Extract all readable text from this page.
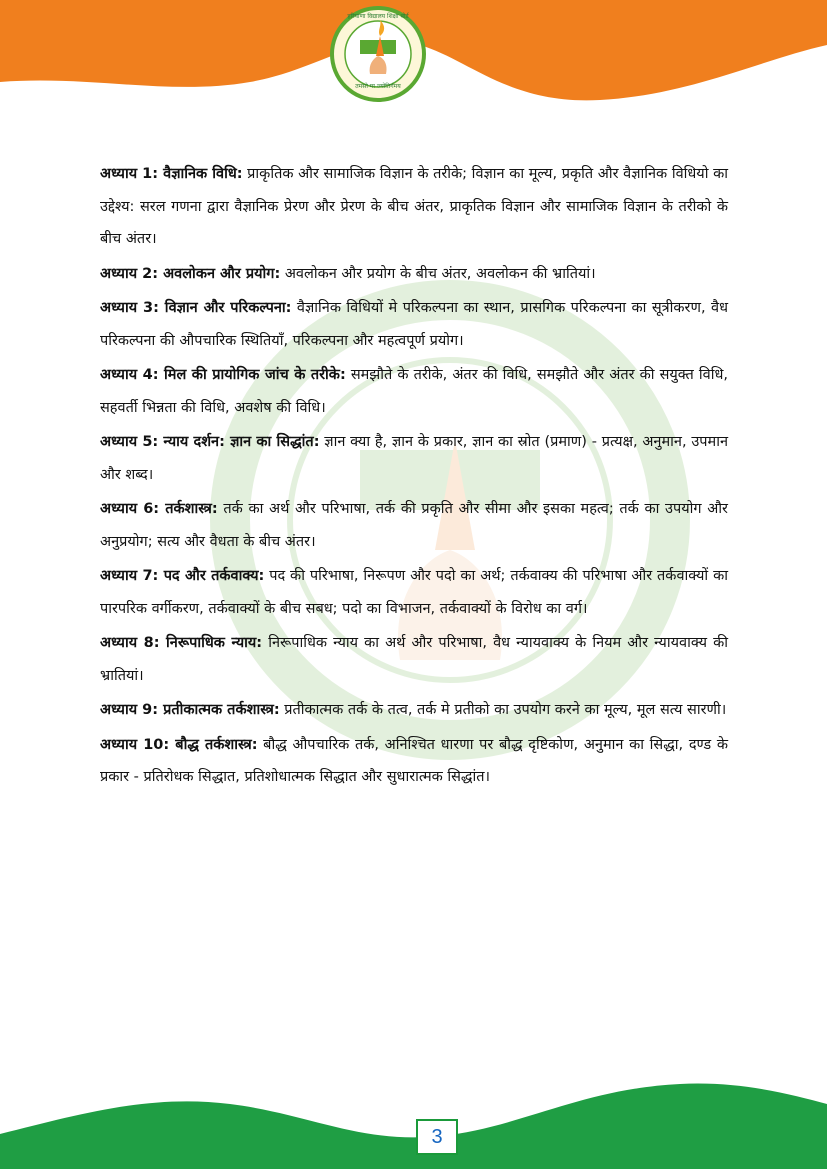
हरियाणा विद्यालय शिक्षा बोर्ड
तमसो मा ज्योतिर्गमय

अध्याय 1: वैज्ञानिक विधि: प्राकृतिक और सामाजिक विज्ञान के तरीके; विज्ञान का मूल्य, प्रकृति और वैज्ञानिक विधियो का उद्देश्य: सरल गणना द्वारा वैज्ञानिक प्रेरण और प्रेरण के बीच अंतर, प्राकृतिक विज्ञान और सामाजिक विज्ञान के तरीको के बीच अंतर।

अध्याय 2: अवलोकन और प्रयोग: अवलोकन और प्रयोग के बीच अंतर, अवलोकन की भ्रातियां।

अध्याय 3: विज्ञान और परिकल्पना: वैज्ञानिक विधियों मे परिकल्पना का स्थान, प्रासगिक परिकल्पना का सूत्रीकरण, वैध परिकल्पना की औपचारिक स्थितियाँ, परिकल्पना और महत्वपूर्ण प्रयोग।

अध्याय 4: मिल की प्रायोगिक जांच के तरीके: समझौते के तरीके, अंतर की विधि, समझौते और अंतर की सयुक्त विधि, सहवर्ती भिन्नता की विधि, अवशेष की विधि।

अध्याय 5: न्याय दर्शन: ज्ञान का सिद्धांत: ज्ञान क्या है, ज्ञान के प्रकार, ज्ञान का स्रोत (प्रमाण) - प्रत्यक्ष, अनुमान, उपमान और शब्द।

अध्याय 6: तर्कशास्त्र: तर्क का अर्थ और परिभाषा, तर्क की प्रकृति और सीमा और इसका महत्व; तर्क का उपयोग और अनुप्रयोग; सत्य और वैधता के बीच अंतर।

अध्याय 7: पद और तर्कवाक्य: पद की परिभाषा, निरूपण और पदो का अर्थ; तर्कवाक्य की परिभाषा और तर्कवाक्यों का पारपरिक वर्गीकरण, तर्कवाक्यों के बीच सबध; पदो का विभाजन, तर्कवाक्यों के विरोध का वर्ग।

अध्याय 8: निरूपाधिक न्याय: निरूपाधिक न्याय का अर्थ और परिभाषा, वैध न्यायवाक्य के नियम और न्यायवाक्य की भ्रातियां।

अध्याय 9: प्रतीकात्मक तर्कशास्त्र: प्रतीकात्मक तर्क के तत्व, तर्क मे प्रतीको का उपयोग करने का मूल्य, मूल सत्य सारणी।

अध्याय 10: बौद्ध तर्कशास्त्र: बौद्ध औपचारिक तर्क, अनिश्चित धारणा पर बौद्ध दृष्टिकोण, अनुमान का सिद्धा, दण्ड के प्रकार - प्रतिरोधक सिद्धात, प्रतिशोधात्मक सिद्धात और सुधारात्मक सिद्धांत।

3
